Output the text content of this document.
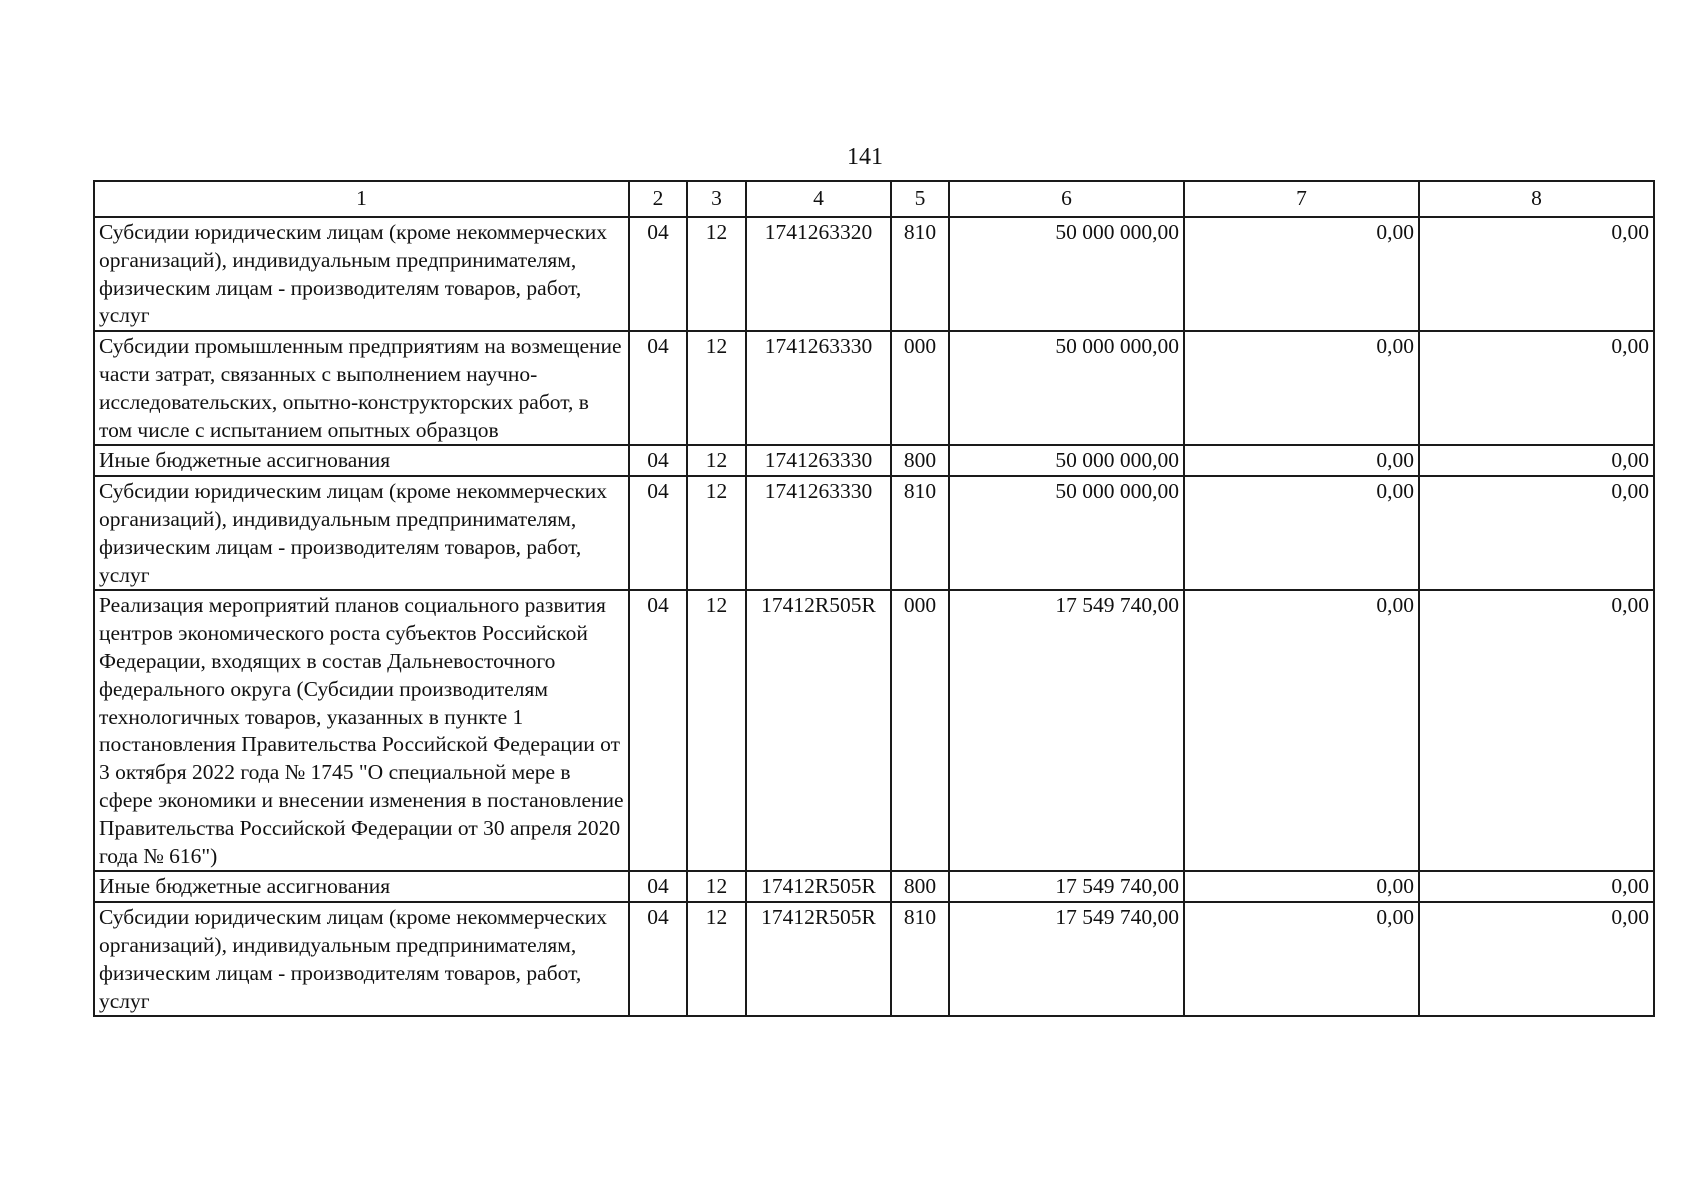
141
1	2	3	4	5	6	7	8
Субсидии юридическим лицам (кроме некоммерческих организаций), индивидуальным предпринимателям, физическим лицам - производителям товаров, работ, услуг	04	12	1741263320	810	50 000 000,00	0,00	0,00
Субсидии промышленным предприятиям на возмещение части затрат, связанных с выполнением научно-исследовательских, опытно-конструкторских работ, в том числе с испытанием опытных образцов	04	12	1741263330	000	50 000 000,00	0,00	0,00
Иные бюджетные ассигнования	04	12	1741263330	800	50 000 000,00	0,00	0,00
Субсидии юридическим лицам (кроме некоммерческих организаций), индивидуальным предпринимателям, физическим лицам - производителям товаров, работ, услуг	04	12	1741263330	810	50 000 000,00	0,00	0,00
Реализация мероприятий планов социального развития центров экономического роста субъектов Российской Федерации, входящих в состав Дальневосточного федерального округа (Субсидии производителям технологичных товаров, указанных в пункте 1 постановления Правительства Российской Федерации от 3 октября 2022 года № 1745 "О специальной мере в сфере экономики и внесении изменения в постановление Правительства Российской Федерации от 30 апреля 2020 года № 616")	04	12	17412R505R	000	17 549 740,00	0,00	0,00
Иные бюджетные ассигнования	04	12	17412R505R	800	17 549 740,00	0,00	0,00
Субсидии юридическим лицам (кроме некоммерческих организаций), индивидуальным предпринимателям, физическим лицам - производителям товаров, работ, услуг	04	12	17412R505R	810	17 549 740,00	0,00	0,00
